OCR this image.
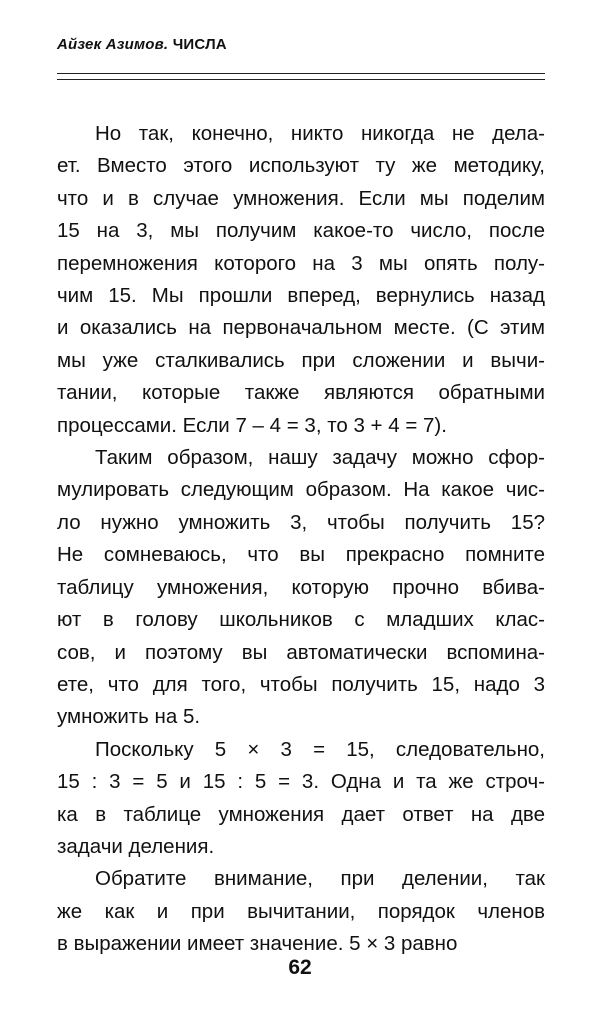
Айзек Азимов. ЧИСЛА
Но так, конечно, никто никогда не дела-
ет. Вместо этого используют ту же методику,
что и в случае умножения. Если мы поделим
15 на 3, мы получим какое-то число, после
перемножения которого на 3 мы опять полу-
чим 15. Мы прошли вперед, вернулись назад
и оказались на первоначальном месте. (С этим
мы уже сталкивались при сложении и вычи-
тании, которые также являются обратными
процессами. Если 7 – 4 = 3, то 3 + 4 = 7).
Таким образом, нашу задачу можно сфор-
мулировать следующим образом. На какое чис-
ло нужно умножить 3, чтобы получить 15?
Не сомневаюсь, что вы прекрасно помните
таблицу умножения, которую прочно вбива-
ют в голову школьников с младших клас-
сов, и поэтому вы автоматически вспомина-
ете, что для того, чтобы получить 15, надо 3
умножить на 5.
Поскольку 5 × 3 = 15, следовательно,
15 : 3 = 5 и 15 : 5 = 3. Одна и та же строч-
ка в таблице умножения дает ответ на две
задачи деления.
Обратите внимание, при делении, так
же как и при вычитании, порядок членов
в выражении имеет значение. 5 × 3 равно
62
